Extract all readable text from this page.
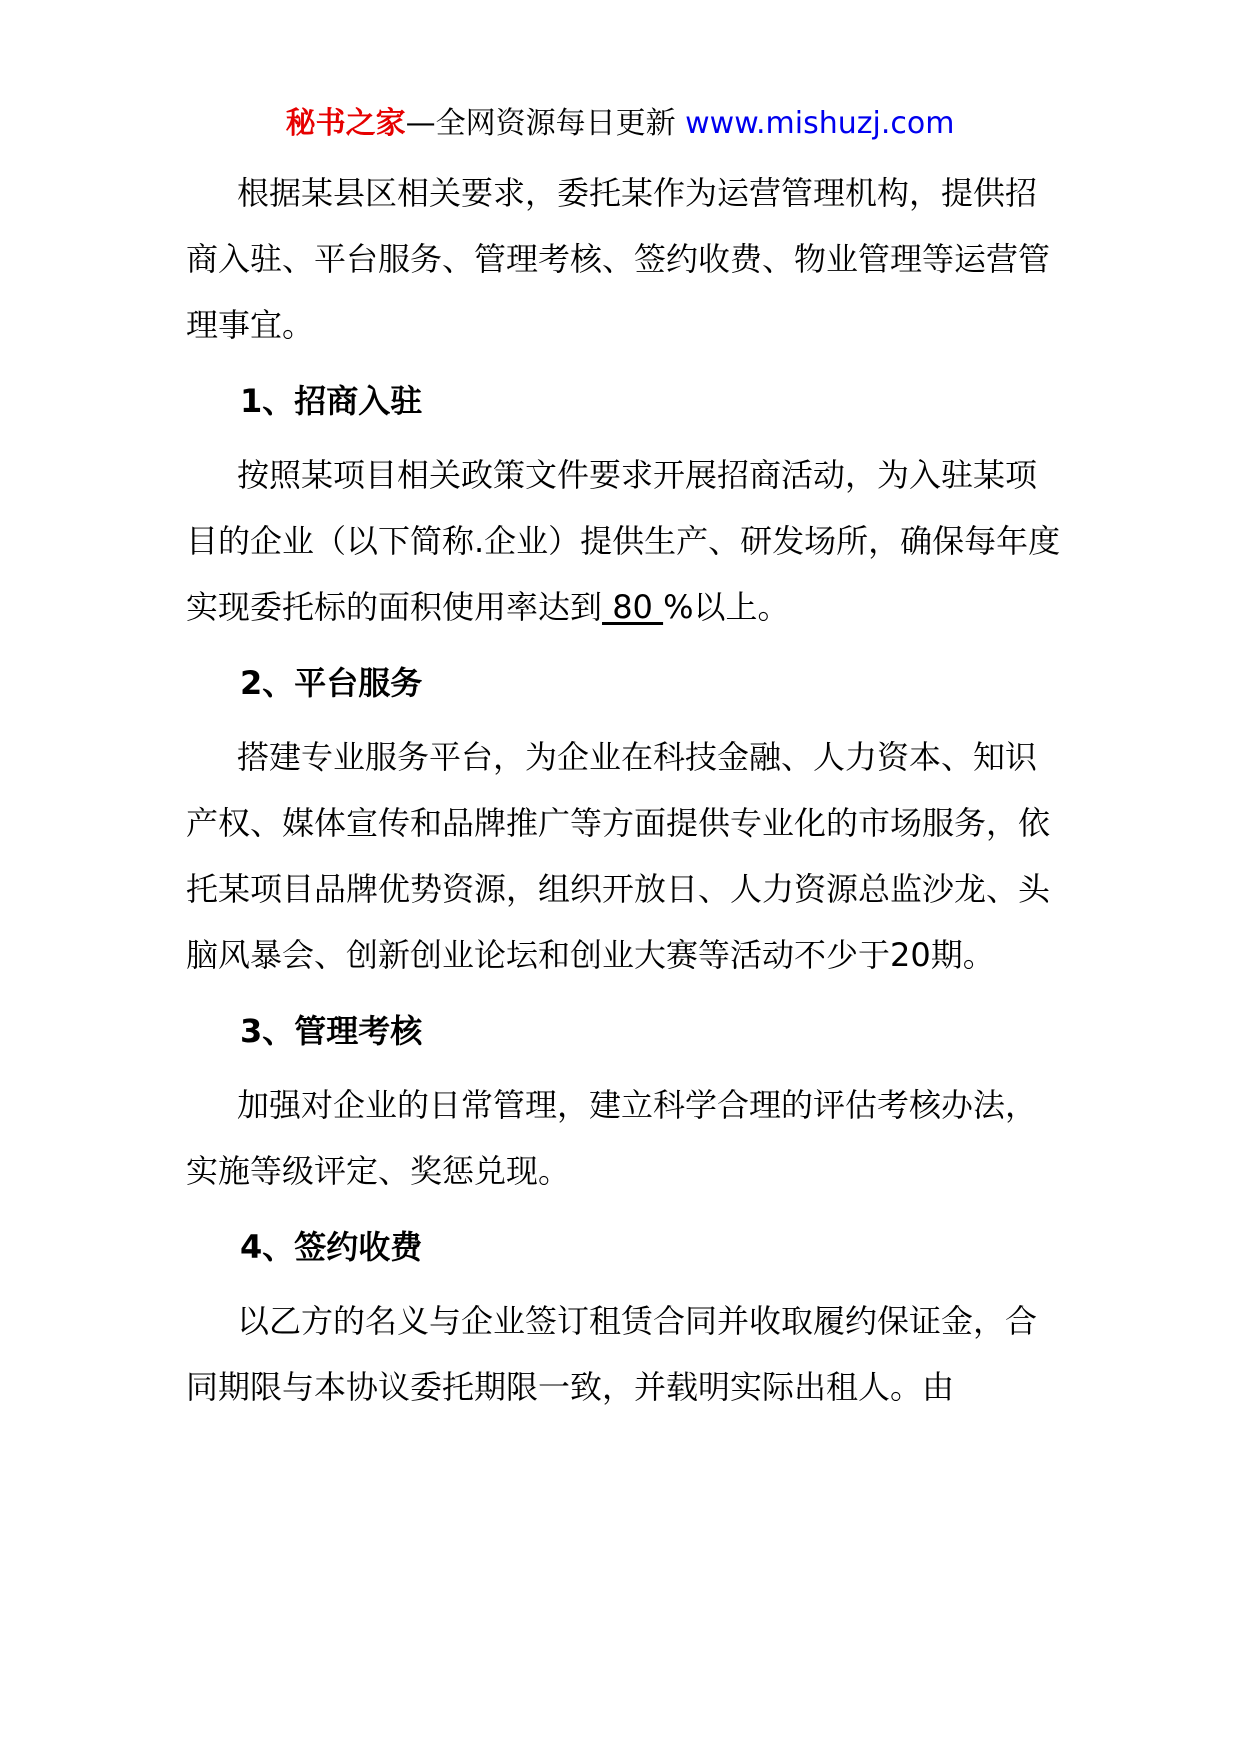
秘书之家—全网资源每日更新 www.mishuzj.com

根据某县区相关要求，委托某作为运营管理机构，提供招商入驻、平台服务、管理考核、签约收费、物业管理等运营管理事宜。

1、招商入驻

按照某项目相关政策文件要求开展招商活动，为入驻某项目的企业（以下简称.企业）提供生产、研发场所，确保每年度实现委托标的面积使用率达到 80 %以上。

2、平台服务

搭建专业服务平台，为企业在科技金融、人力资本、知识产权、媒体宣传和品牌推广等方面提供专业化的市场服务，依托某项目品牌优势资源，组织开放日、人力资源总监沙龙、头脑风暴会、创新创业论坛和创业大赛等活动不少于20期。

3、管理考核

加强对企业的日常管理，建立科学合理的评估考核办法，实施等级评定、奖惩兑现。

4、签约收费

以乙方的名义与企业签订租赁合同并收取履约保证金，合同期限与本协议委托期限一致，并载明实际出租人。由
